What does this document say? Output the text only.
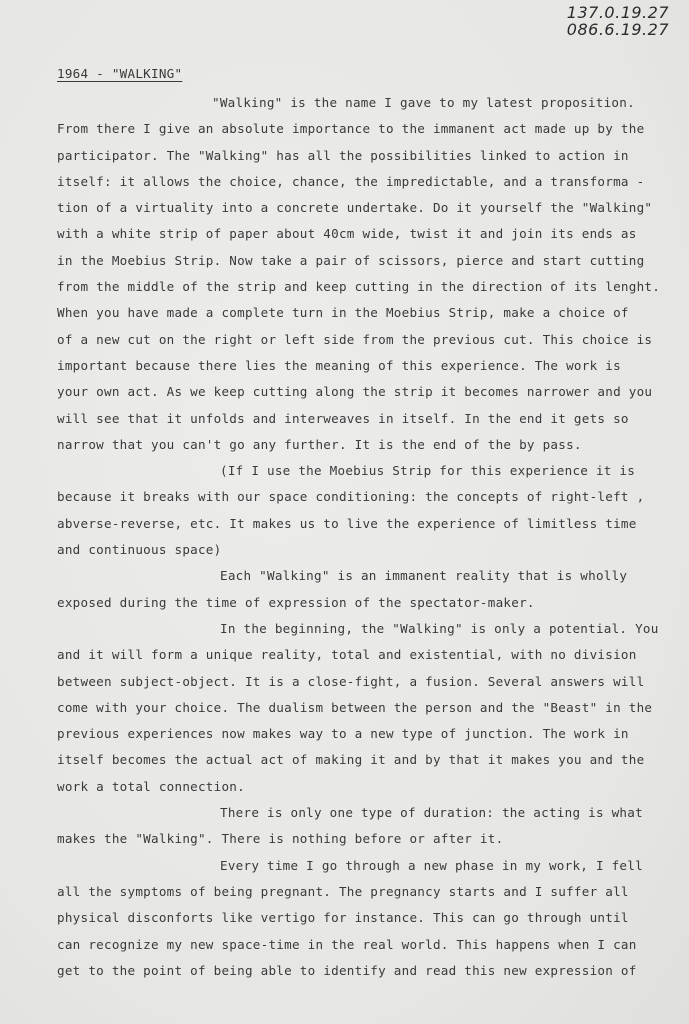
137.0.19.27
086.6.19.27
1964 - "WALKING"
"Walking" is the name I gave to my latest proposition.
From there I give an absolute importance to the immanent act made up by the
participator. The "Walking" has all the possibilities linked to action in
itself: it allows the choice, chance, the impredictable, and a transforma -
tion of a virtuality into a concrete undertake. Do it yourself the "Walking"
with a white strip of paper about 40cm wide, twist it and join its ends as
in the Moebius Strip. Now take a pair of scissors, pierce and start cutting
from the middle of the strip and keep cutting in the direction of its lenght.
When you have made a complete turn in the Moebius Strip, make a choice of
of a new cut on the right or left side from the previous cut. This choice is
important because there lies the meaning of this experience. The work is
your own act. As we keep cutting along the strip it becomes narrower and you
will see that it unfolds and interweaves in itself. In the end it gets so
narrow that you can't go any further. It is the end of the by pass.
(If I use the Moebius Strip for this experience it is
because it breaks with our space conditioning: the concepts of right-left ,
abverse-reverse, etc. It makes us to live the experience of limitless time
and continuous space)
Each "Walking" is an immanent reality that is wholly
exposed during the time of expression of the spectator-maker.
In the beginning, the "Walking" is only a potential. You
and it will form a unique reality, total and existential, with no division
between subject-object. It is a close-fight, a fusion. Several answers will
come with your choice. The dualism between the person and the "Beast" in the
previous experiences now makes way to a new type of junction. The work in
itself becomes the actual act of making it and by that it makes you and the
work a total connection.
There is only one type of duration: the acting is what
makes the "Walking". There is nothing before or after it.
Every time I go through a new phase in my work, I fell
all the symptoms of being pregnant. The pregnancy starts and I suffer all
physical disconforts like vertigo for instance. This can go through until
can recognize my new space-time in the real world. This happens when I can
get to the point of being able to identify and read this new expression of
